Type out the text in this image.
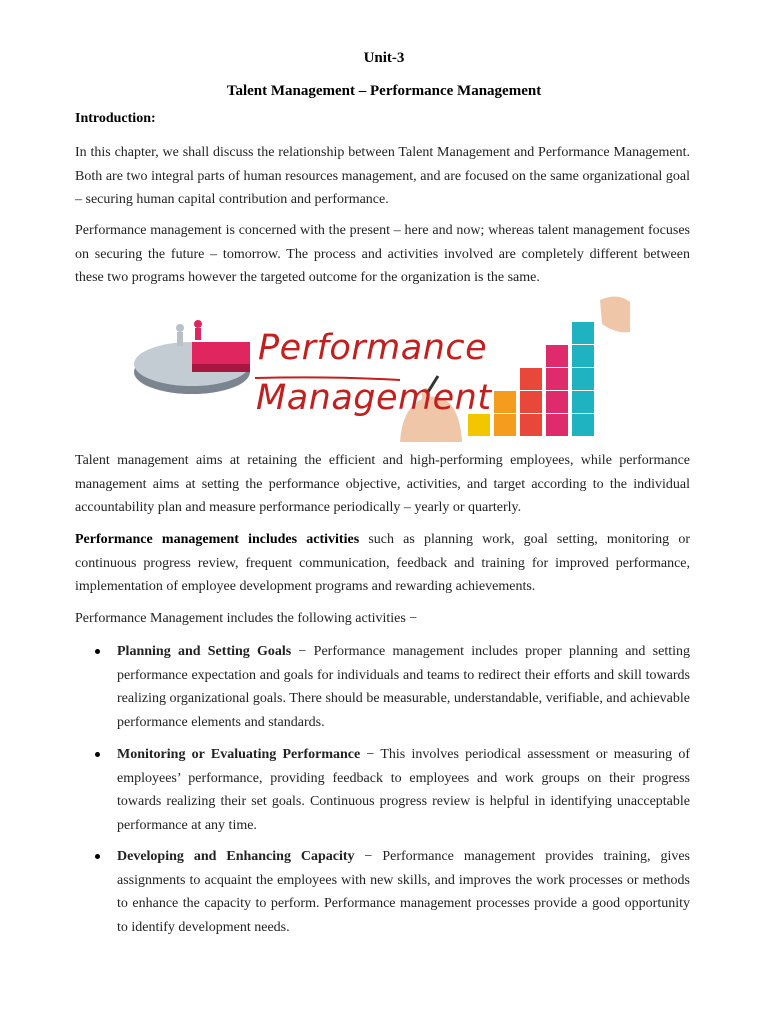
Unit-3
Talent Management – Performance Management
Introduction:

In this chapter, we shall discuss the relationship between Talent Management and Performance Management. Both are two integral parts of human resources management, and are focused on the same organizational goal – securing human capital contribution and performance.

Performance management is concerned with the present – here and now; whereas talent management focuses on securing the future – tomorrow. The process and activities involved are completely different between these two programs however the targeted outcome for the organization is the same.

Performance
Management

Talent management aims at retaining the efficient and high-performing employees, while performance management aims at setting the performance objective, activities, and target according to the individual accountability plan and measure performance periodically – yearly or quarterly.

Performance management includes activities such as planning work, goal setting, monitoring or continuous progress review, frequent communication, feedback and training for improved performance, implementation of employee development programs and rewarding achievements.

Performance Management includes the following activities −

Planning and Setting Goals − Performance management includes proper planning and setting performance expectation and goals for individuals and teams to redirect their efforts and skill towards realizing organizational goals. There should be measurable, understandable, verifiable, and achievable performance elements and standards.

Monitoring or Evaluating Performance − This involves periodical assessment or measuring of employees’ performance, providing feedback to employees and work groups on their progress towards realizing their set goals. Continuous progress review is helpful in identifying unacceptable performance at any time.

Developing and Enhancing Capacity − Performance management provides training, gives assignments to acquaint the employees with new skills, and improves the work processes or methods to enhance the capacity to perform. Performance management processes provide a good opportunity to identify development needs.
